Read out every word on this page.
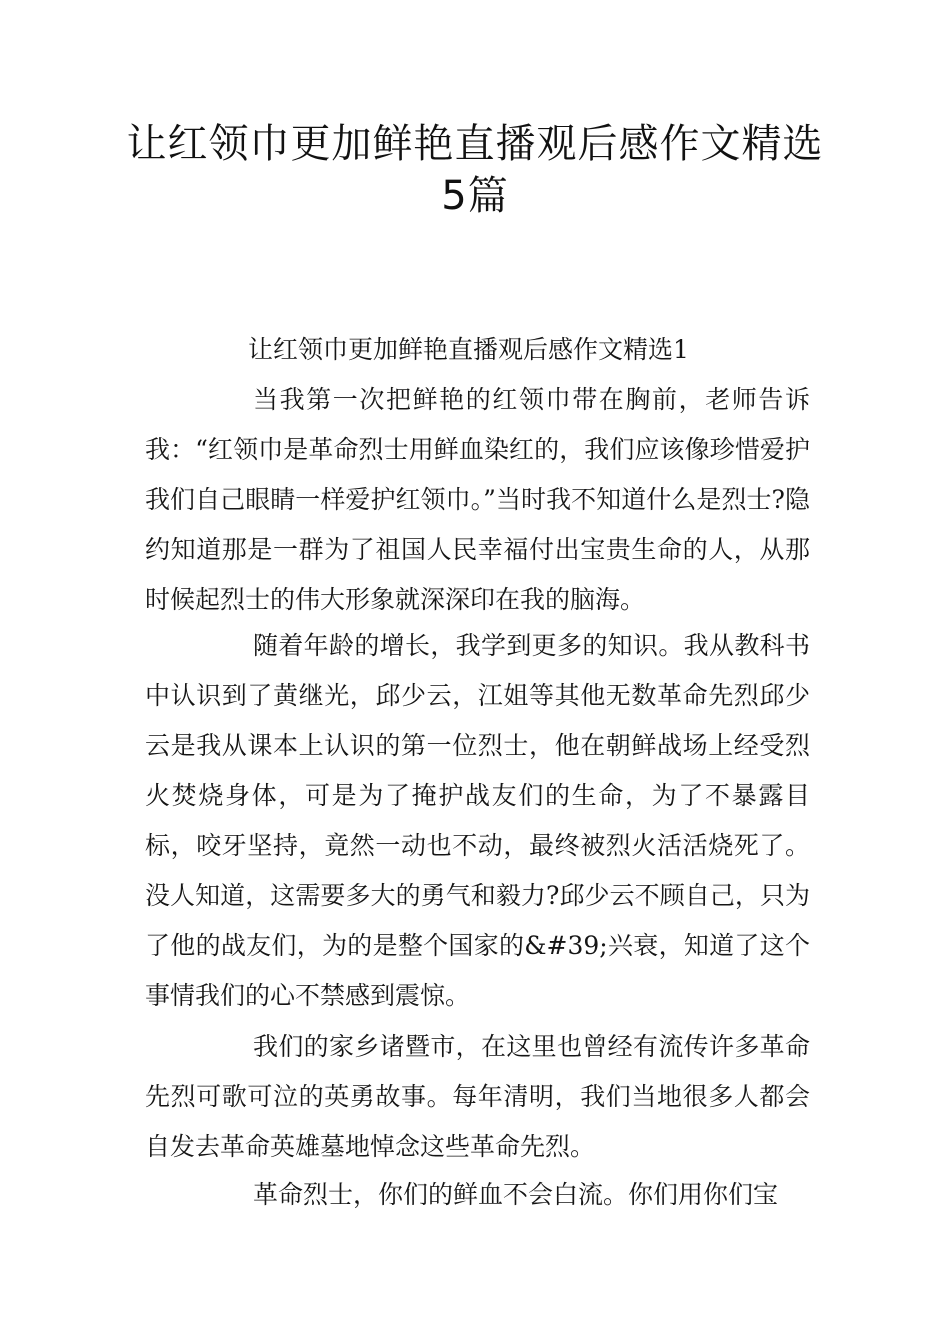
让红领巾更加鲜艳直播观后感作文精选
5篇
让红领巾更加鲜艳直播观后感作文精选1

当我第一次把鲜艳的红领巾带在胸前，老师告诉我：“红领巾是革命烈士用鲜血染红的，我们应该像珍惜爱护我们自己眼睛一样爱护红领巾。”当时我不知道什么是烈士?隐约知道那是一群为了祖国人民幸福付出宝贵生命的人，从那时候起烈士的伟大形象就深深印在我的脑海。

随着年龄的增长，我学到更多的知识。我从教科书中认识到了黄继光，邱少云，江姐等其他无数革命先烈邱少云是我从课本上认识的第一位烈士，他在朝鲜战场上经受烈火焚烧身体，可是为了掩护战友们的生命，为了不暴露目标，咬牙坚持，竟然一动也不动，最终被烈火活活烧死了。没人知道，这需要多大的勇气和毅力?邱少云不顾自己，只为了他的战友们，为的是整个国家的&#39;兴衰，知道了这个事情我们的心不禁感到震惊。

我们的家乡诸暨市，在这里也曾经有流传许多革命先烈可歌可泣的英勇故事。每年清明，我们当地很多人都会自发去革命英雄墓地悼念这些革命先烈。

革命烈士，你们的鲜血不会白流。你们用你们宝
